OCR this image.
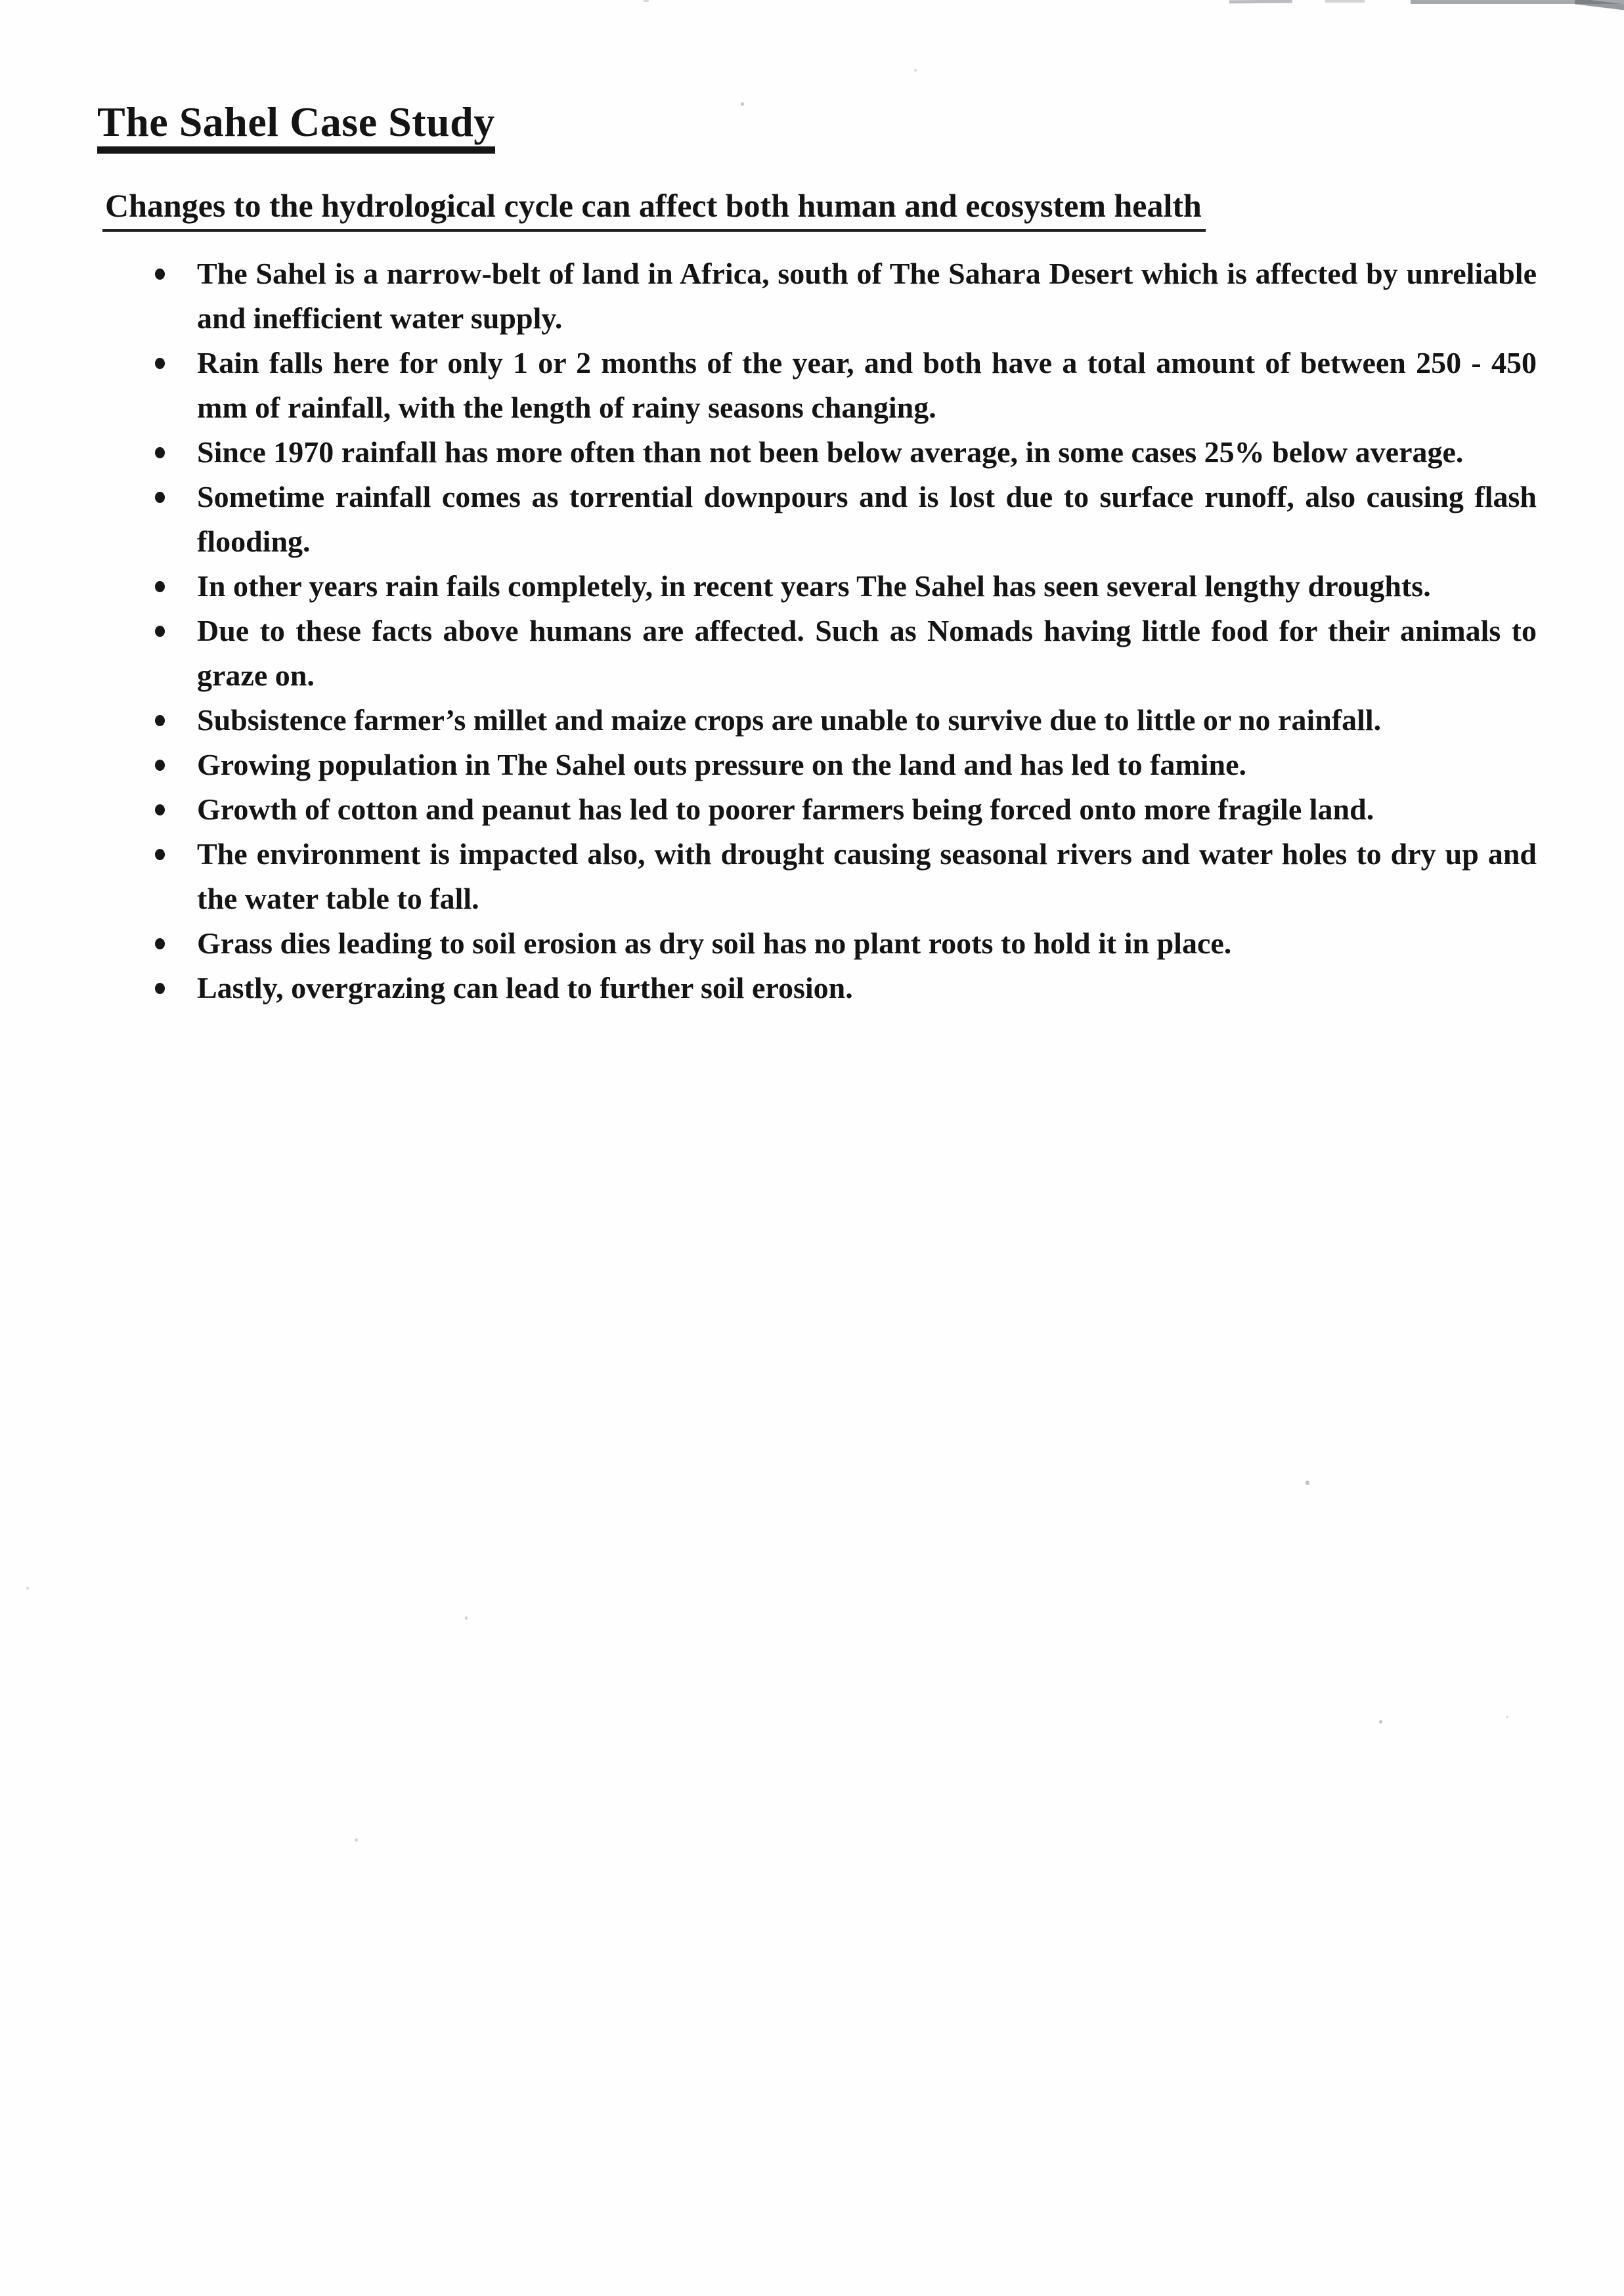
The Sahel Case Study
Changes to the hydrological cycle can affect both human and ecosystem health
The Sahel is a narrow-belt of land in Africa, south of The Sahara Desert which is affected by unreliable and inefficient water supply.
Rain falls here for only 1 or 2 months of the year, and both have a total amount of between 250 - 450 mm of rainfall, with the length of rainy seasons changing.
Since 1970 rainfall has more often than not been below average, in some cases 25% below average.
Sometime rainfall comes as torrential downpours and is lost due to surface runoff, also causing flash flooding.
In other years rain fails completely, in recent years The Sahel has seen several lengthy droughts.
Due to these facts above humans are affected. Such as Nomads having little food for their animals to graze on.
Subsistence farmer’s millet and maize crops are unable to survive due to little or no rainfall.
Growing population in The Sahel outs pressure on the land and has led to famine.
Growth of cotton and peanut has led to poorer farmers being forced onto more fragile land.
The environment is impacted also, with drought causing seasonal rivers and water holes to dry up and the water table to fall.
Grass dies leading to soil erosion as dry soil has no plant roots to hold it in place.
Lastly, overgrazing can lead to further soil erosion.
